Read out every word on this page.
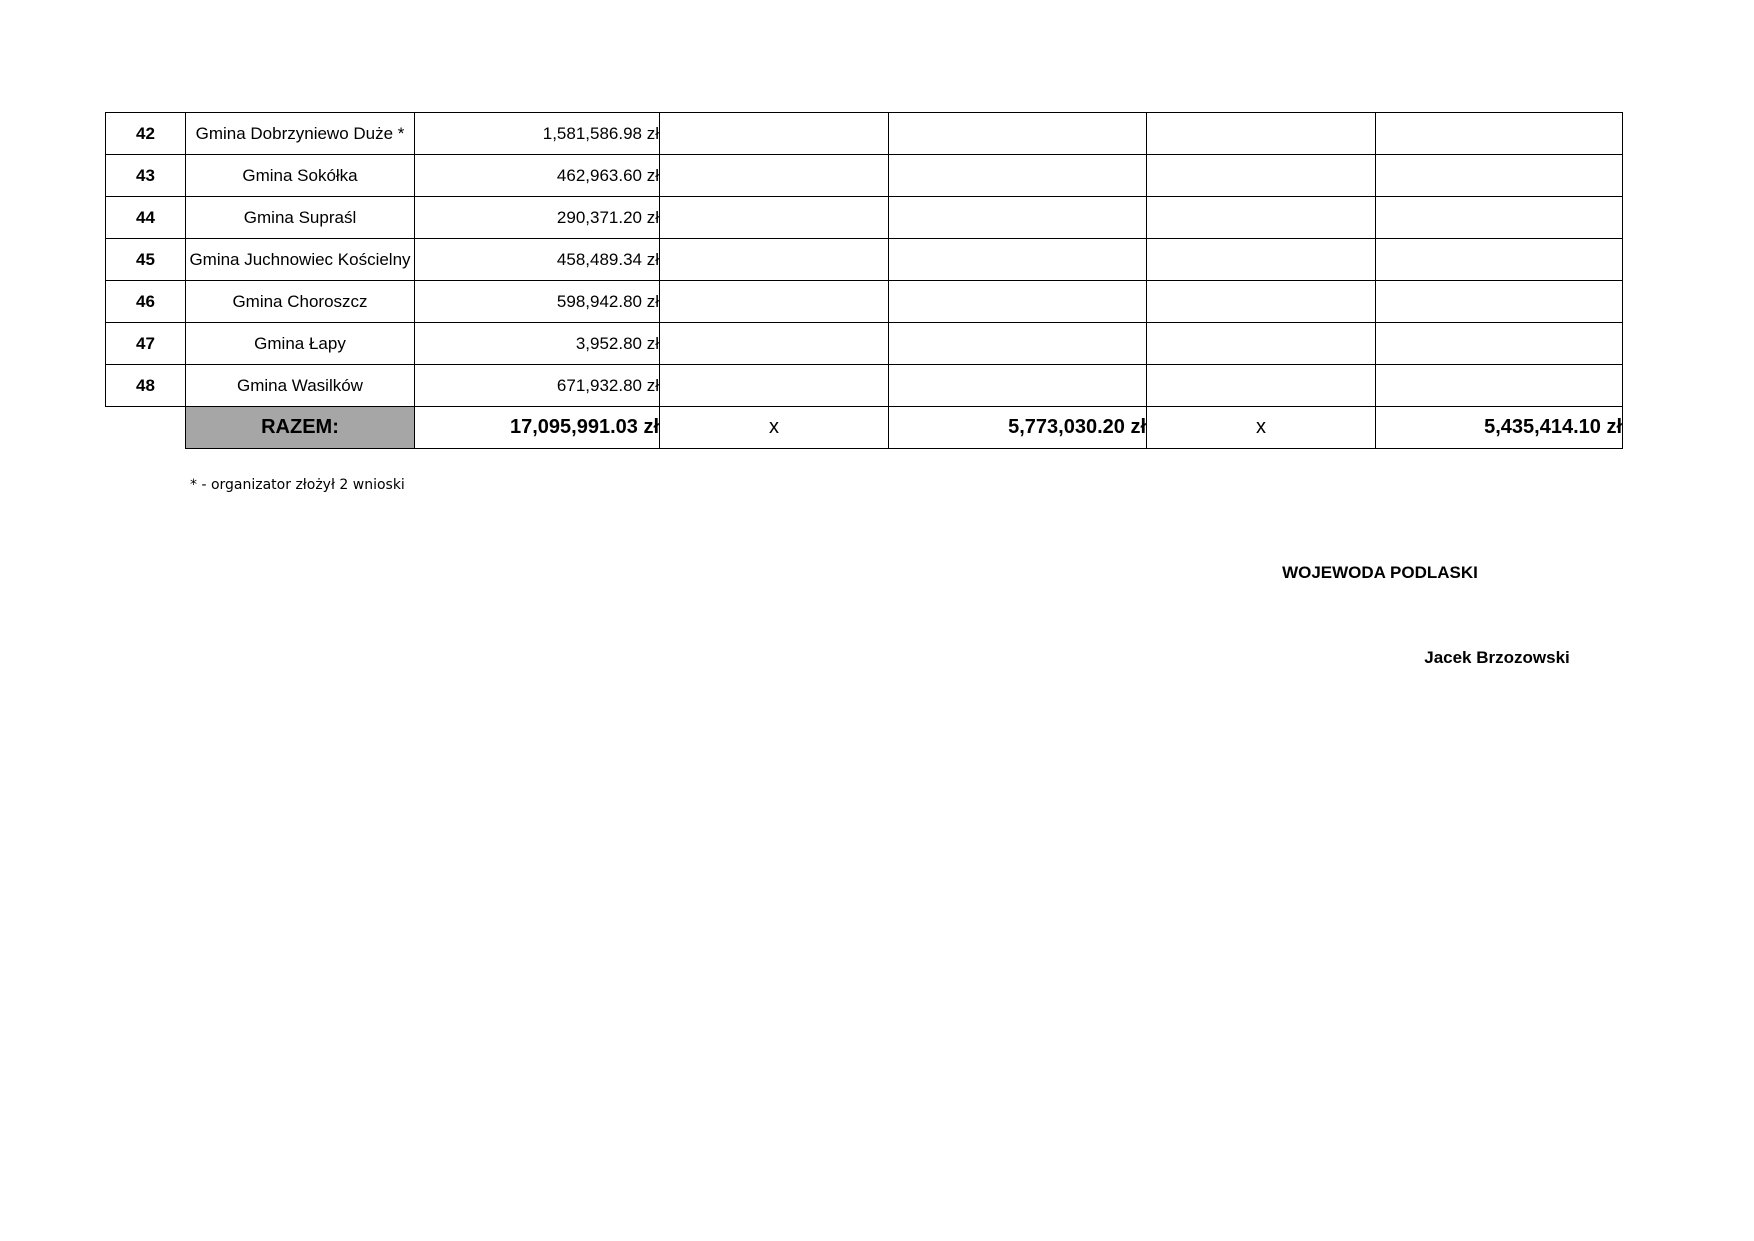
42	Gmina Dobrzyniewo Duże *	1,581,586.98 zł				
43	Gmina Sokółka	462,963.60 zł				
44	Gmina Supraśl	290,371.20 zł				
45	Gmina Juchnowiec Kościelny	458,489.34 zł				
46	Gmina Choroszcz	598,942.80 zł				
47	Gmina Łapy	3,952.80 zł				
48	Gmina Wasilków	671,932.80 zł				
	RAZEM:	17,095,991.03 zł	x	5,773,030.20 zł	x	5,435,414.10 zł
* - organizator złożył 2 wnioski
WOJEWODA PODLASKI
Jacek Brzozowski
